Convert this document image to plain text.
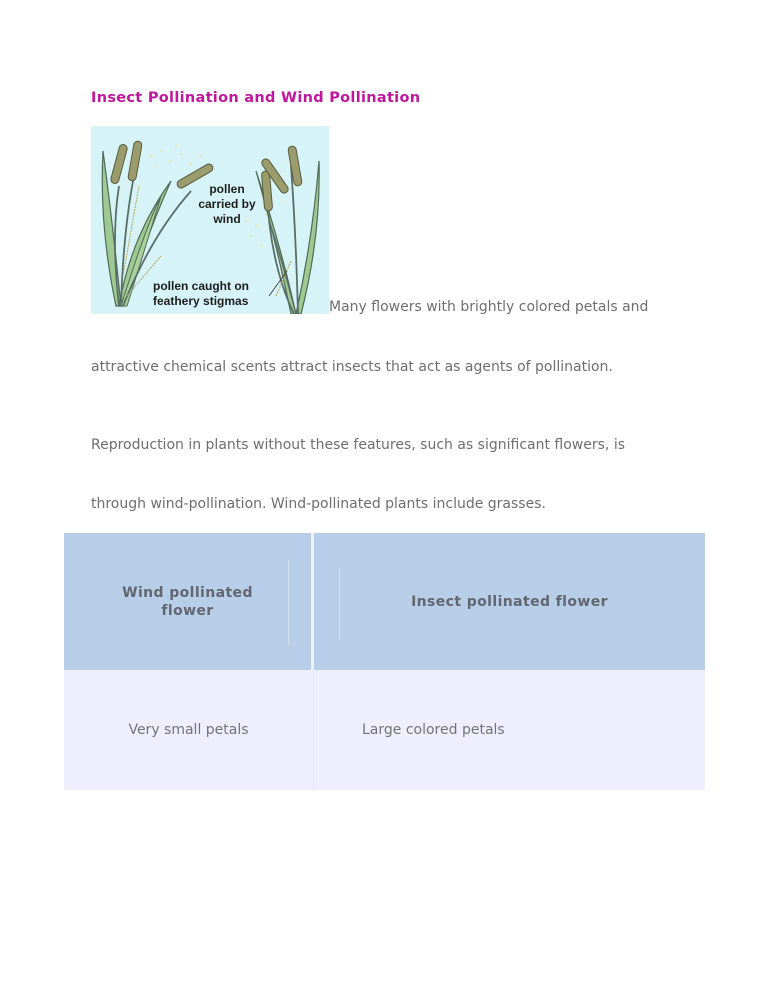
Insect Pollination and Wind Pollination
pollen
carried by
wind
pollen caught on
feathery stigmas	Many flowers with brightly colored petals and

attractive chemical scents attract insects that act as agents of pollination.

Reproduction in plants without these features, such as significant flowers, is

through wind-pollination. Wind-pollinated plants include grasses.

Wind pollinated
flower	Insect pollinated flower
Very small petals	Large colored petals
